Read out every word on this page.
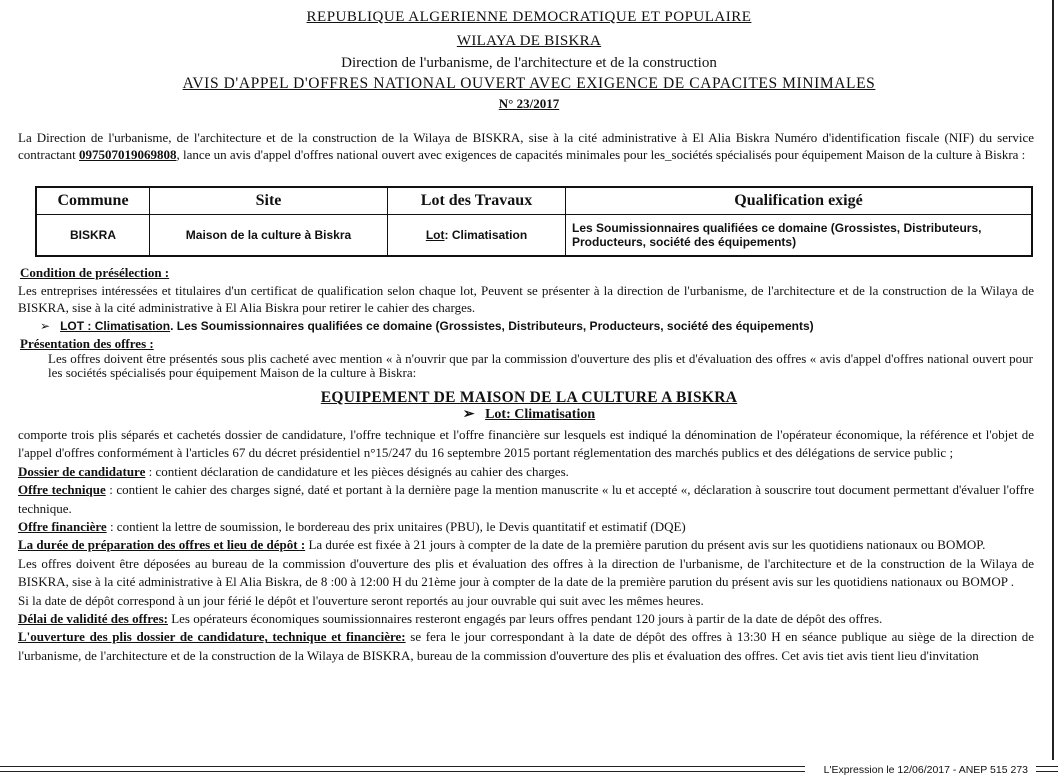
REPUBLIQUE ALGERIENNE DEMOCRATIQUE ET POPULAIRE
WILAYA DE BISKRA
Direction de l'urbanisme, de l'architecture et de la construction
AVIS D'APPEL D'OFFRES NATIONAL OUVERT AVEC EXIGENCE DE CAPACITES MINIMALES
N° 23/2017
La Direction de l'urbanisme, de l'architecture et de la construction de la Wilaya de BISKRA, sise à la cité administrative à El Alia Biskra Numéro d'identification fiscale (NIF) du service contractant 097507019069808, lance un avis d'appel d'offres national ouvert avec exigences de capacités minimales pour les_sociétés spécialisés pour équipement Maison de la culture à Biskra :
Commune	Site	Lot des Travaux	Qualification exigé
BISKRA	Maison de la culture à Biskra	Lot: Climatisation	Les Soumissionnaires qualifiées ce domaine (Grossistes, Distributeurs, Producteurs, société des équipements)
Condition de présélection :
Les entreprises intéressées et titulaires d'un certificat de qualification selon chaque lot, Peuvent se présenter à la direction de l'urbanisme, de l'architecture et de la construction de la Wilaya de BISKRA, sise à la cité administrative à El Alia Biskra pour retirer le cahier des charges.
➢ LOT : Climatisation. Les Soumissionnaires qualifiées ce domaine (Grossistes, Distributeurs, Producteurs, société des équipements)
Présentation des offres :
Les offres doivent être présentés sous plis cacheté avec mention « à n'ouvrir que par la commission d'ouverture des plis et d'évaluation des offres « avis d'appel d'offres national ouvert pour les sociétés spécialisés pour équipement Maison de la culture à Biskra:
EQUIPEMENT DE MAISON DE LA CULTURE A BISKRA
➢ Lot: Climatisation

comporte trois plis séparés et cachetés dossier de candidature, l'offre technique et l'offre financière sur lesquels est indiqué la dénomination de l'opérateur économique, la référence et l'objet de l'appel d'offres conformément à l'articles 67 du décret présidentiel n°15/247 du 16 septembre 2015 portant réglementation des marchés publics et des délégations de service public ;

Dossier de candidature : contient déclaration de candidature et les pièces désignés au cahier des charges.

Offre technique : contient le cahier des charges signé, daté et portant à la dernière page la mention manuscrite « lu et accepté «, déclaration à souscrire tout document permettant d'évaluer l'offre technique.

Offre financière : contient la lettre de soumission, le bordereau des prix unitaires (PBU), le Devis quantitatif et estimatif (DQE)

La durée de préparation des offres et lieu de dépôt : La durée est fixée à 21 jours à compter de la date de la première parution du présent avis sur les quotidiens nationaux ou BOMOP.

Les offres doivent être déposées au bureau de la commission d'ouverture des plis et évaluation des offres à la direction de l'urbanisme, de l'architecture et de la construction de la Wilaya de BISKRA, sise à la cité administrative à El Alia Biskra, de 8 :00 à 12:00 H du 21ème jour à compter de la date de la première parution du présent avis sur les quotidiens nationaux ou BOMOP .

Si la date de dépôt correspond à un jour férié le dépôt et l'ouverture seront reportés au jour ouvrable qui suit avec les mêmes heures.

Délai de validité des offres: Les opérateurs économiques soumissionnaires resteront engagés par leurs offres pendant 120 jours à partir de la date de dépôt des offres.

L'ouverture des plis dossier de candidature, technique et financière: se fera le jour correspondant à la date de dépôt des offres à 13:30 H en séance publique au siège de la direction de l'urbanisme, de l'architecture et de la construction de la Wilaya de BISKRA, bureau de la commission d'ouverture des plis et évaluation des offres. Cet avis tiet avis tient lieu d'invitation

L'Expression le 12/06/2017 - ANEP 515 273
